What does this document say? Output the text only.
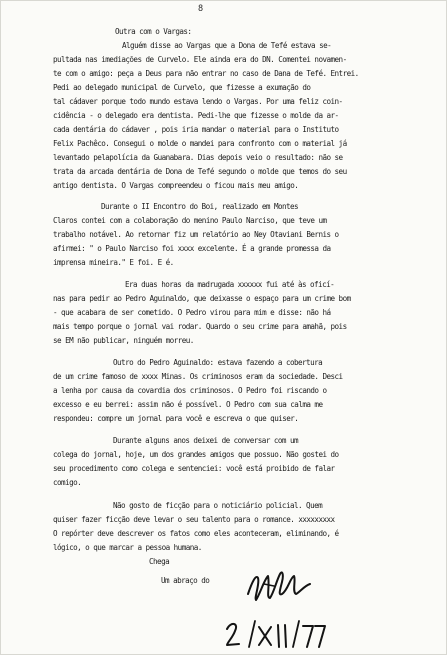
8
Outra com o Vargas:
Alguém disse ao Vargas que a Dona de Tefé estava se-
pultada nas imediações de Curvelo. Ele ainda era do DN. Comentei novamen-
te com o amigo: peça a Deus para não entrar no caso de Dana de Tefé. Entrei.
Pedi ao delegado municipal de Curvelo, que fizesse a exumação do
tal cádaver porque todo mundo estava lendo o Vargas. Por uma feliz coin-
cidência - o delegado era dentista. Pedi-lhe que fizesse o molde da ar-
cada dentária do cádaver , pois iria mandar o material para o Instituto
Felix Pachêco. Consegui o molde o mandei para confronto com o material já
levantado pelapolícia da Guanabara. Dias depois veio o resultado: não se
trata da arcada dentária de Dona de Tefé segundo o molde que temos do seu
antigo dentista. O Vargas compreendeu o ficou mais meu amigo.
Durante o II Encontro do Boi, realizado em Montes
Claros contei com a colaboração do menino Paulo Narciso, que teve um
trabalho notável. Ao retornar fiz um relatório ao Ney Otaviani Bernis o
afirmei: " o Paulo Narciso foi xxxx excelente. É a grande promessa da
imprensa mineira." E foi. E é.
Era duas horas da madrugada xxxxxx fui até às oficí-
nas para pedir ao Pedro Aguinaldo, que deixasse o espaço para um crime bom
- que acabara de ser cometido. O Pedro virou para mim e disse: não há
mais tempo porque o jornal vai rodar. Quardo o seu crime para amahã, pois
se EM não publicar, ninguém morreu.
Outro do Pedro Aguinaldo: estava fazendo a cobertura
de um crime famoso de xxxx Minas. Os criminosos eram da sociedade. Desci
a lenha por causa da covardia dos criminosos. O Pedro foi riscando o
excesso e eu berrei: assim não é possível. O Pedro com sua calma me
respondeu: compre um jornal para você e escreva o que quiser.
Durante alguns anos deixei de conversar com um
colega do jornal, hoje, um dos grandes amigos que possuo. Não gostei do
seu procedimento como colega e sentenciei: você está proibido de falar
comigo.
Não gosto de ficção para o noticiário policial. Quem
quiser fazer ficção deve levar o seu talento para o romance. xxxxxxxxx
O repórter deve descrever os fatos como eles aconteceram, eliminando, é
lógico, o que marcar a pessoa humana.
Chega
Um abraço do
